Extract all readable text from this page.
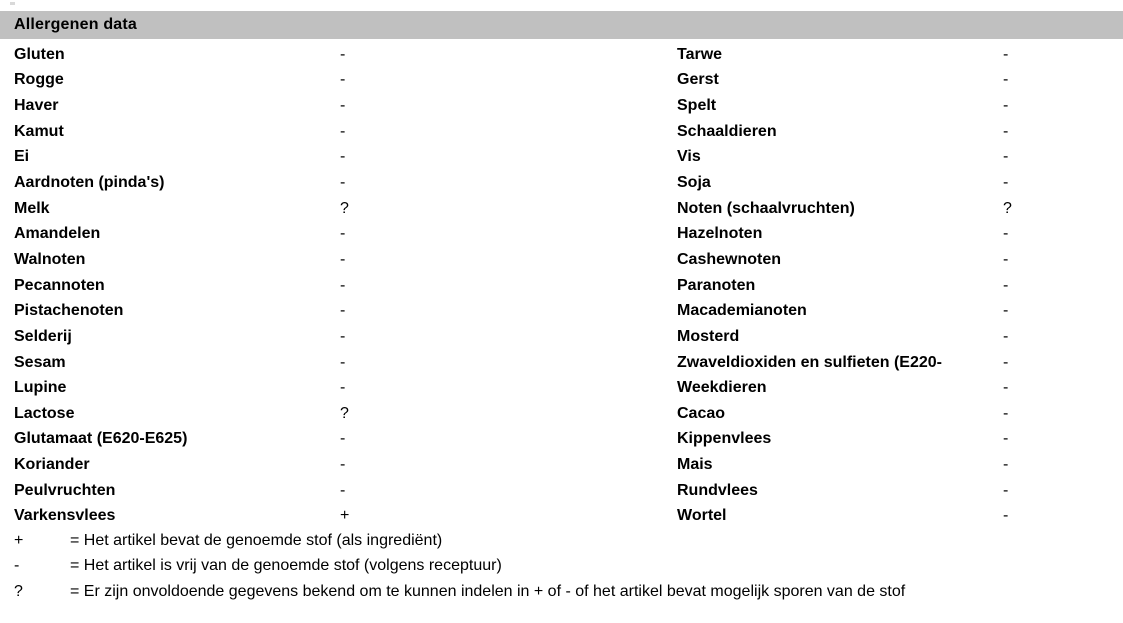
Allergenen data
Gluten	-	Tarwe	-
Rogge	-	Gerst	-
Haver	-	Spelt	-
Kamut	-	Schaaldieren	-
Ei	-	Vis	-
Aardnoten (pinda's)	-	Soja	-
Melk	?	Noten (schaalvruchten)	?
Amandelen	-	Hazelnoten	-
Walnoten	-	Cashewnoten	-
Pecannoten	-	Paranoten	-
Pistachenoten	-	Macademianoten	-
Selderij	-	Mosterd	-
Sesam	-	Zwaveldioxiden en sulfieten (E220-	-
Lupine	-	Weekdieren	-
Lactose	?	Cacao	-
Glutamaat (E620-E625)	-	Kippenvlees	-
Koriander	-	Mais	-
Peulvruchten	-	Rundvlees	-
Varkensvlees	+	Wortel	-
+	= Het artikel bevat de genoemde stof (als ingrediënt)
-	= Het artikel is vrij van de genoemde stof (volgens receptuur)
?	= Er zijn onvoldoende gegevens bekend om te kunnen indelen in + of - of het artikel bevat mogelijk sporen van de stof
